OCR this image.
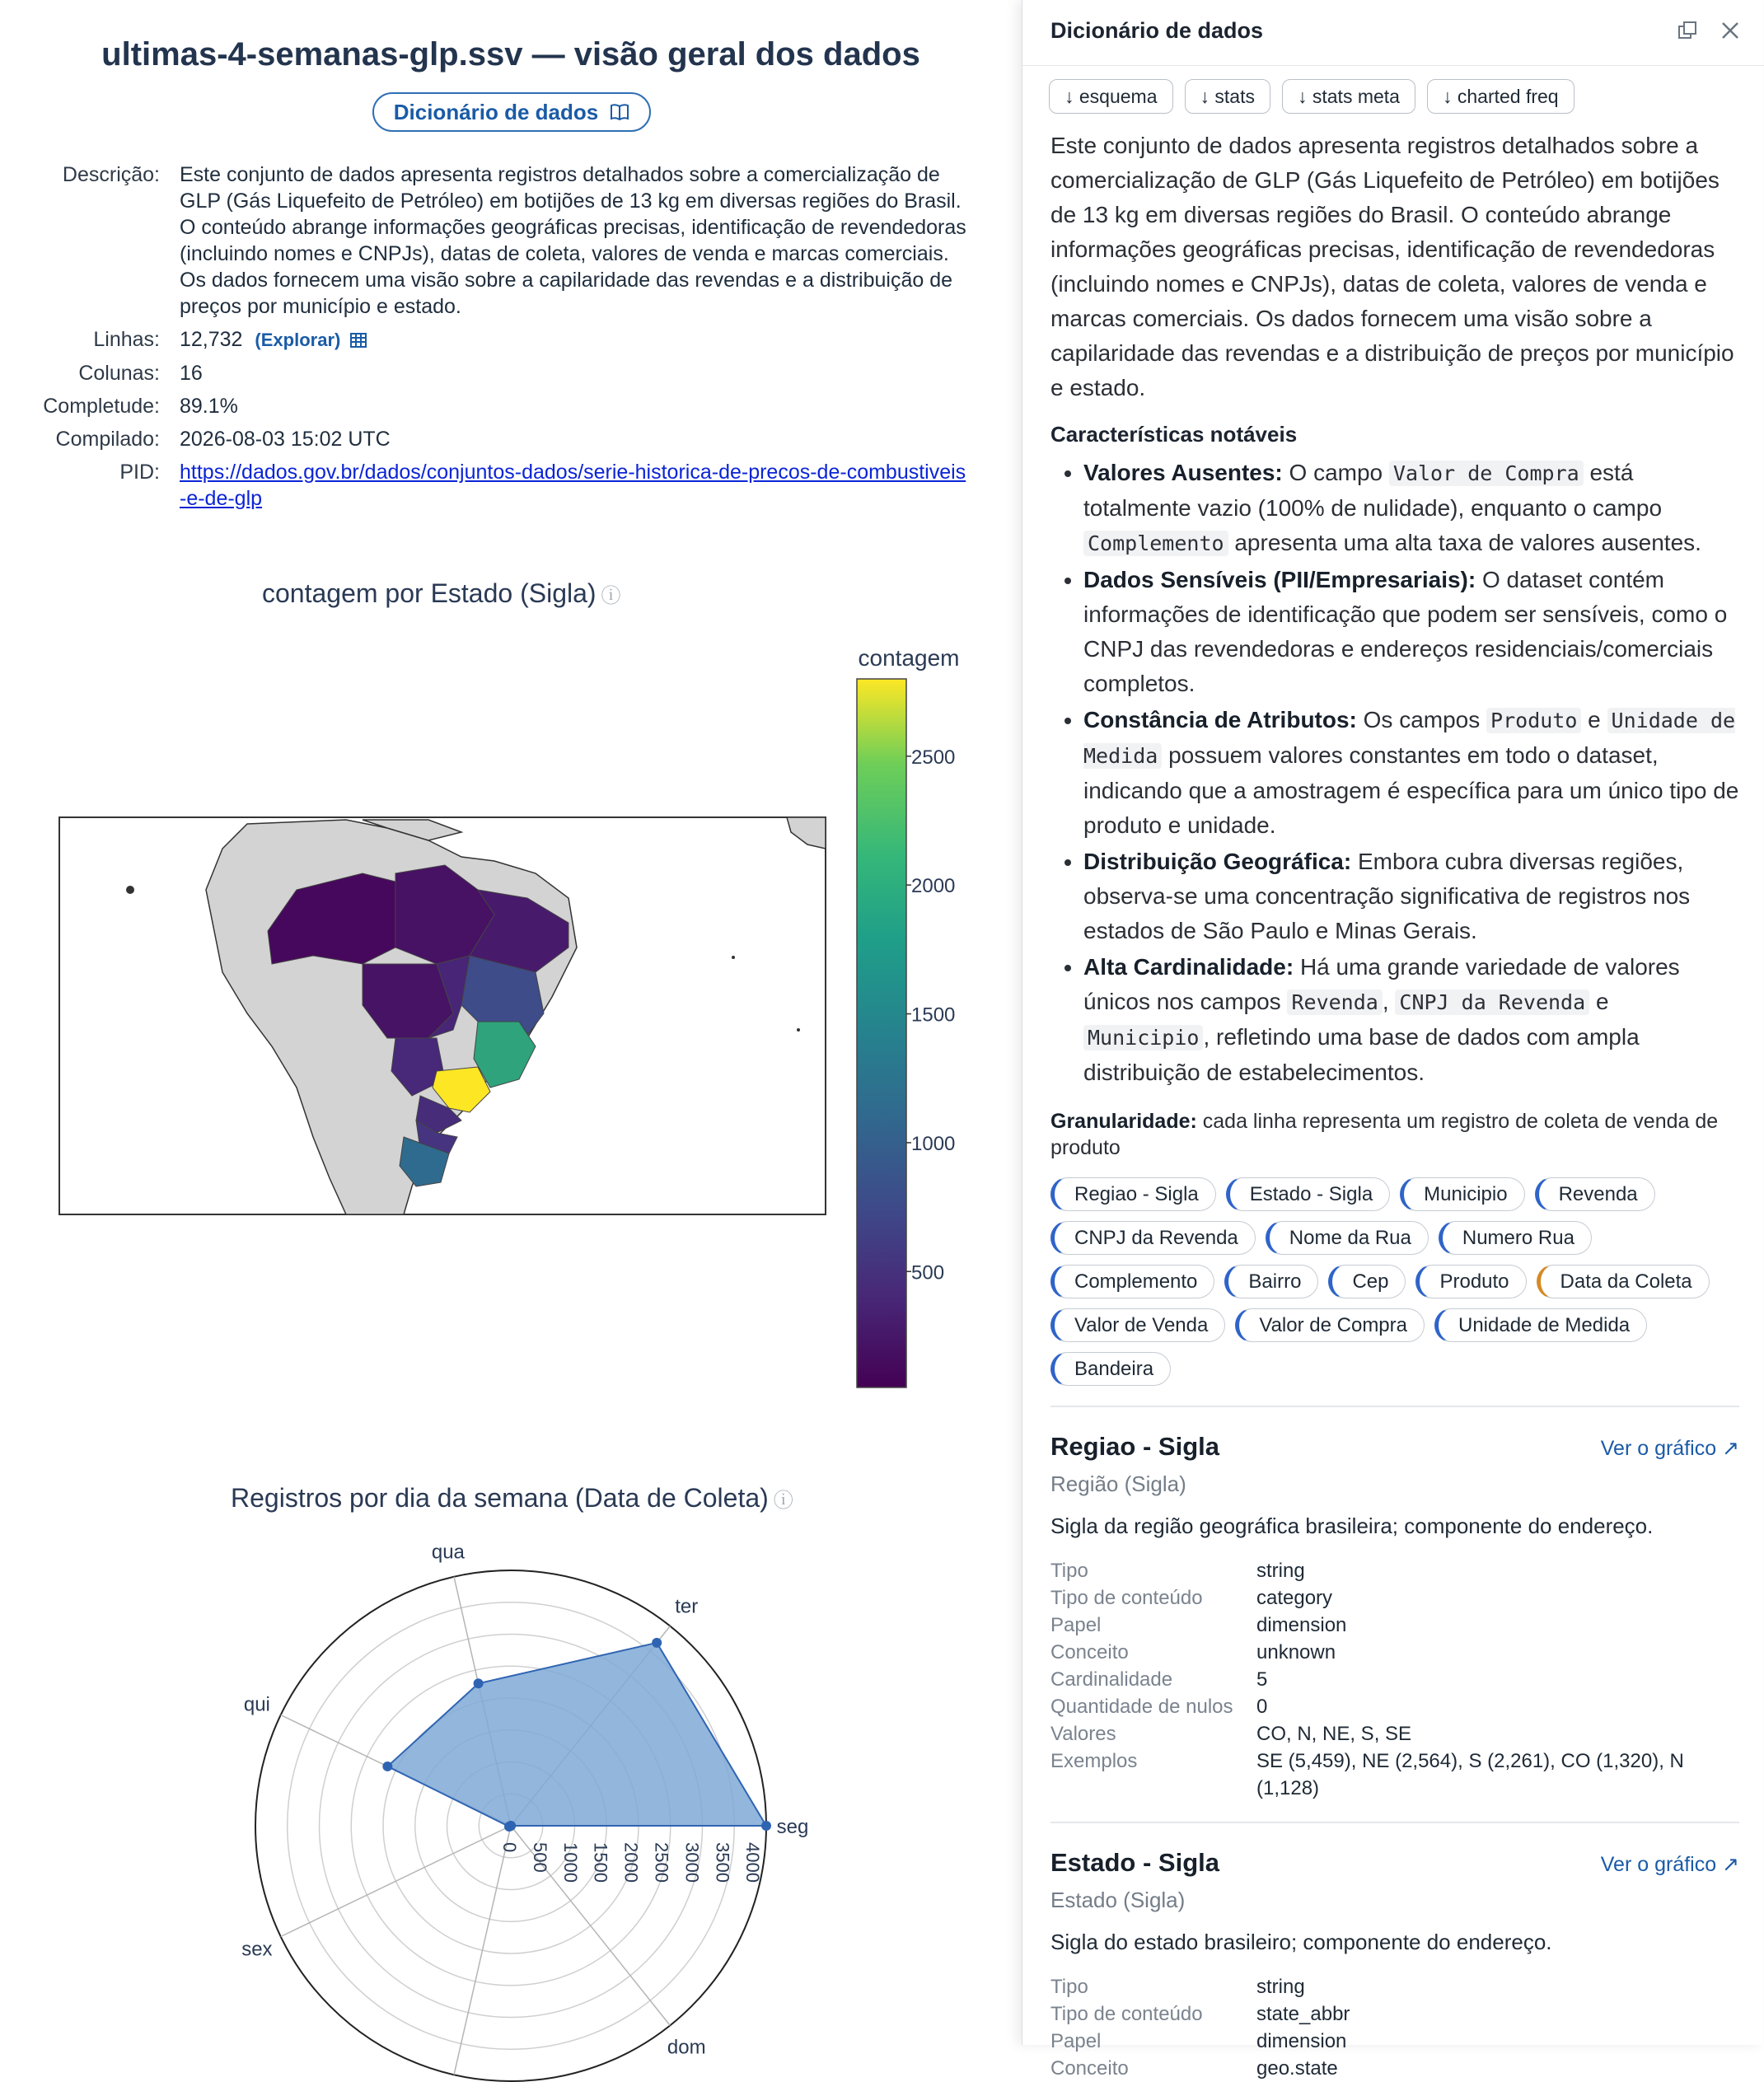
ultimas-4-semanas-glp.ssv — visão geral dos dados
Dicionário de dados
Descrição: Este conjunto de dados apresenta registros detalhados sobre a comercialização de GLP (Gás Liquefeito de Petróleo) em botijões de 13 kg em diversas regiões do Brasil. O conteúdo abrange informações geográficas precisas, identificação de revendedoras (incluindo nomes e CNPJs), datas de coleta, valores de venda e marcas comerciais. Os dados fornecem uma visão sobre a capilaridade das revendas e a distribuição de preços por município e estado.
Linhas: 12,732 (Explorar)
Colunas: 16
Completude: 89.1%
Compilado: 2026-08-03 15:02 UTC
PID: https://dados.gov.br/dados/conjuntos-dados/serie-historica-de-precos-de-combustiveis-e-de-glp
contagem por Estado (Sigla) ⓘ
contagem
500
1000
1500
2000
2500
Registros por dia da semana (Data de Coleta) ⓘ
seg
ter
qua
qui
sex
dom
0 500 1000 1500 2000 2500 3000 3500 4000
Dicionário de dados
↓ esquema	↓ stats	↓ stats meta	↓ charted freq

Este conjunto de dados apresenta registros detalhados sobre a comercialização de GLP (Gás Liquefeito de Petróleo) em botijões de 13 kg em diversas regiões do Brasil. O conteúdo abrange informações geográficas precisas, identificação de revendedoras (incluindo nomes e CNPJs), datas de coleta, valores de venda e marcas comerciais. Os dados fornecem uma visão sobre a capilaridade das revendas e a distribuição de preços por município e estado.

Características notáveis
• Valores Ausentes: O campo Valor de Compra está totalmente vazio (100% de nulidade), enquanto o campo Complemento apresenta uma alta taxa de valores ausentes.
• Dados Sensíveis (PII/Empresariais): O dataset contém informações de identificação que podem ser sensíveis, como o CNPJ das revendedoras e endereços residenciais/comerciais completos.
• Constância de Atributos: Os campos Produto e Unidade de Medida possuem valores constantes em todo o dataset, indicando que a amostragem é específica para um único tipo de produto e unidade.
• Distribuição Geográfica: Embora cubra diversas regiões, observa-se uma concentração significativa de registros nos estados de São Paulo e Minas Gerais.
• Alta Cardinalidade: Há uma grande variedade de valores únicos nos campos Revenda , CNPJ da Revenda e Municipio , refletindo uma base de dados com ampla distribuição de estabelecimentos.
Granularidade: cada linha representa um registro de coleta de venda de produto
Regiao - Sigla	Estado - Sigla	Municipio	Revenda
CNPJ da Revenda	Nome da Rua	Numero Rua
Complemento	Bairro	Cep	Produto	Data da Coleta
Valor de Venda	Valor de Compra	Unidade de Medida
Bandeira
Regiao - Sigla	Ver o gráfico ↗
Região (Sigla)
Sigla da região geográfica brasileira; componente do endereço.
Tipo	string
Tipo de conteúdo	category
Papel	dimension
Conceito	unknown
Cardinalidade	5
Quantidade de nulos	0
Valores	CO, N, NE, S, SE
Exemplos	SE (5,459), NE (2,564), S (2,261), CO (1,320), N (1,128)
Estado - Sigla	Ver o gráfico ↗
Estado (Sigla)
Sigla do estado brasileiro; componente do endereço.
Tipo	string
Tipo de conteúdo	state_abbr
Papel	dimension
Conceito	geo.state
